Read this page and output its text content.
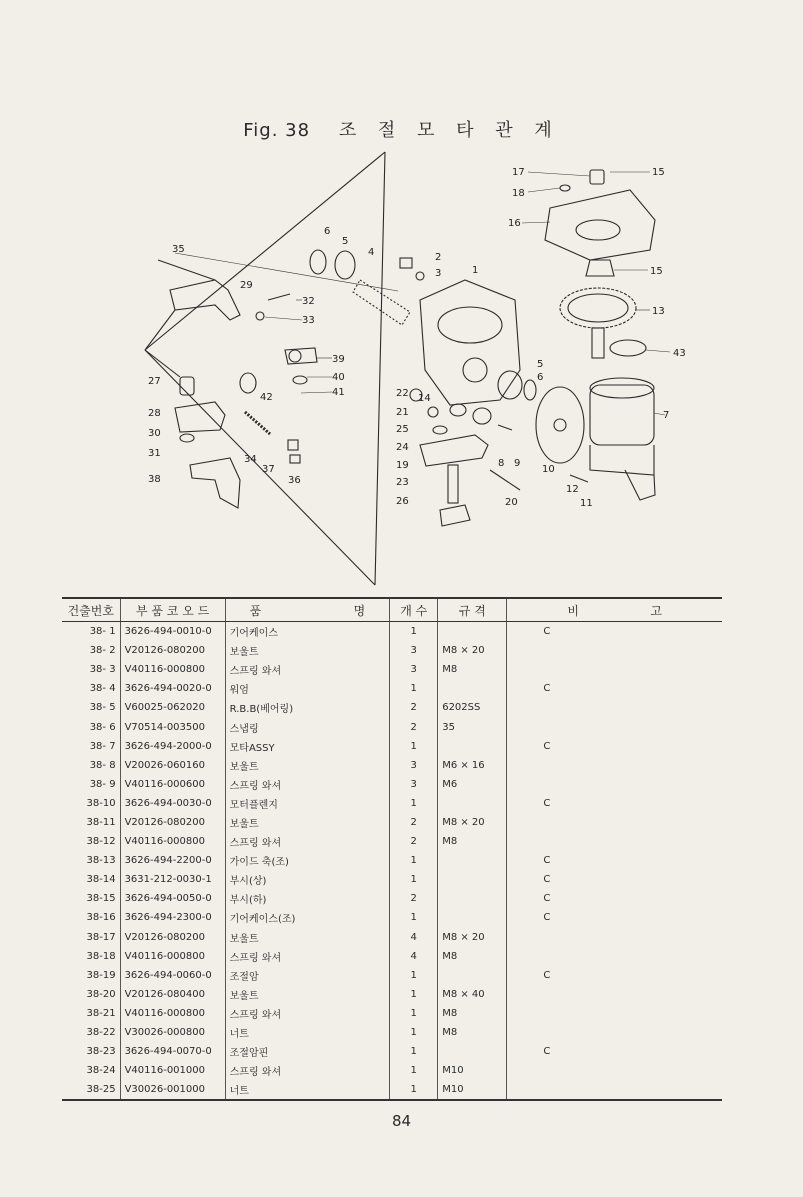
Fig. 38 조 절 모 타 관 계
17
18
16
15
15
13
43
7
1
2
3
4
5
6
5
6
35
29
32
33
39
40
41
42
27
28
30
31
34
37
36
38
22 14
21
25
24
19
23
26	20
8 9
10
12
11
건출번호	부 품 코 오 드	품 명	개 수	규 격	비 고

38- 1	3626-494-0010-0	기어케이스	1		C
38- 2	V20126-080200	보울트	3	M8 × 20	
38- 3	V40116-000800	스프링 와셔	3	M8	
38- 4	3626-494-0020-0	워엄	1		C
38- 5	V60025-062020	R.B.B(베어링)	2	6202SS	
38- 6	V70514-003500	스냅링	2	35	
38- 7	3626-494-2000-0	모타ASSY	1		C
38- 8	V20026-060160	보울트	3	M6 × 16	
38- 9	V40116-000600	스프링 와셔	3	M6	
38-10	3626-494-0030-0	모터플렌지	1		C
38-11	V20126-080200	보울트	2	M8 × 20	
38-12	V40116-000800	스프링 와셔	2	M8	
38-13	3626-494-2200-0	가이드 축(조)	1		C
38-14	3631-212-0030-1	부시(상)	1		C
38-15	3626-494-0050-0	부시(하)	2		C
38-16	3626-494-2300-0	기어케이스(조)	1		C
38-17	V20126-080200	보울트	4	M8 × 20	
38-18	V40116-000800	스프링 와셔	4	M8	
38-19	3626-494-0060-0	조절암	1		C
38-20	V20126-080400	보울트	1	M8 × 40	
38-21	V40116-000800	스프링 와셔	1	M8	
38-22	V30026-000800	너트	1	M8	
38-23	3626-494-0070-0	조절암핀	1		C
38-24	V40116-001000	스프링 와셔	1	M10	
38-25	V30026-001000	너트	1	M10	
84
